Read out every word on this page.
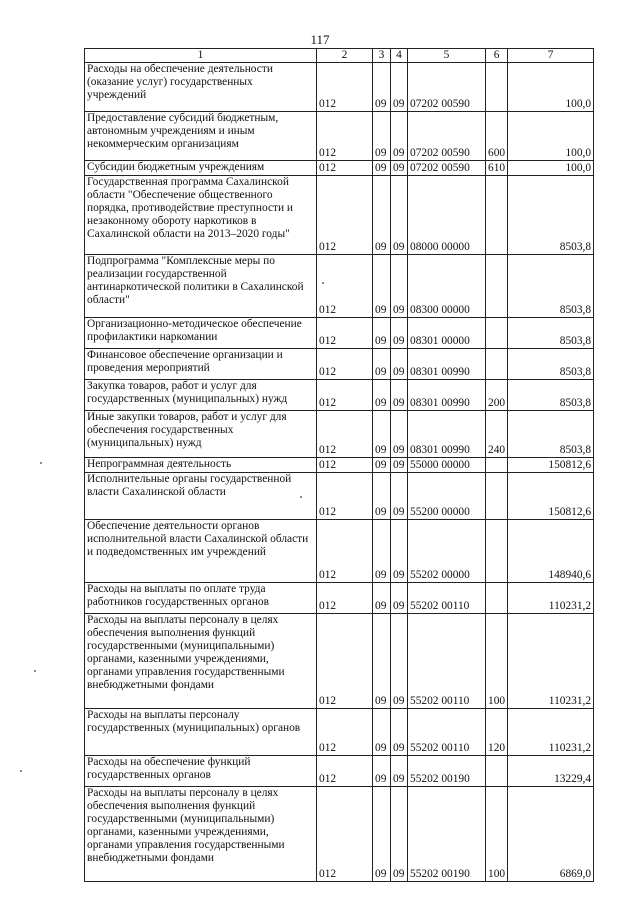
117
1	2	3	4	5	6	7
Расходы на обеспечение деятельности (оказание услуг) государственных учреждений	012	09	09	07202 00590		100,0
Предоставление субсидий бюджетным, автономным учреждениям и иным некоммерческим организациям	012	09	09	07202 00590	600	100,0
Субсидии бюджетным учреждениям	012	09	09	07202 00590	610	100,0
Государственная программа Сахалинской области "Обеспечение общественного порядка, противодействие преступности и незаконному обороту наркотиков в Сахалинской области на 2013–2020 годы"	012	09	09	08000 00000		8503,8
Подпрограмма "Комплексные меры по реализации государственной антинаркотической политики в Сахалинской области"	012	09	09	08300 00000		8503,8
Организационно-методическое обеспечение профилактики наркомании	012	09	09	08301 00000		8503,8
Финансовое обеспечение организации и проведения мероприятий	012	09	09	08301 00990		8503,8
Закупка товаров, работ и услуг для государственных (муниципальных) нужд	012	09	09	08301 00990	200	8503,8
Иные закупки товаров, работ и услуг для обеспечения государственных (муниципальных) нужд	012	09	09	08301 00990	240	8503,8
Непрограммная деятельность	012	09	09	55000 00000		150812,6
Исполнительные органы государственной власти Сахалинской области	012	09	09	55200 00000		150812,6
Обеспечение деятельности органов исполнительной власти Сахалинской области и подведомственных им учреждений	012	09	09	55202 00000		148940,6
Расходы на выплаты по оплате труда работников государственных органов	012	09	09	55202 00110		110231,2
Расходы на выплаты персоналу в целях обеспечения выполнения функций государственными (муниципальными) органами, казенными учреждениями, органами управления государственными внебюджетными фондами	012	09	09	55202 00110	100	110231,2
Расходы на выплаты персоналу государственных (муниципальных) органов	012	09	09	55202 00110	120	110231,2
Расходы на обеспечение функций государственных органов	012	09	09	55202 00190		13229,4
Расходы на выплаты персоналу в целях обеспечения выполнения функций государственными (муниципальными) органами, казенными учреждениями, органами управления государственными внебюджетными фондами	012	09	09	55202 00190	100	6869,0
